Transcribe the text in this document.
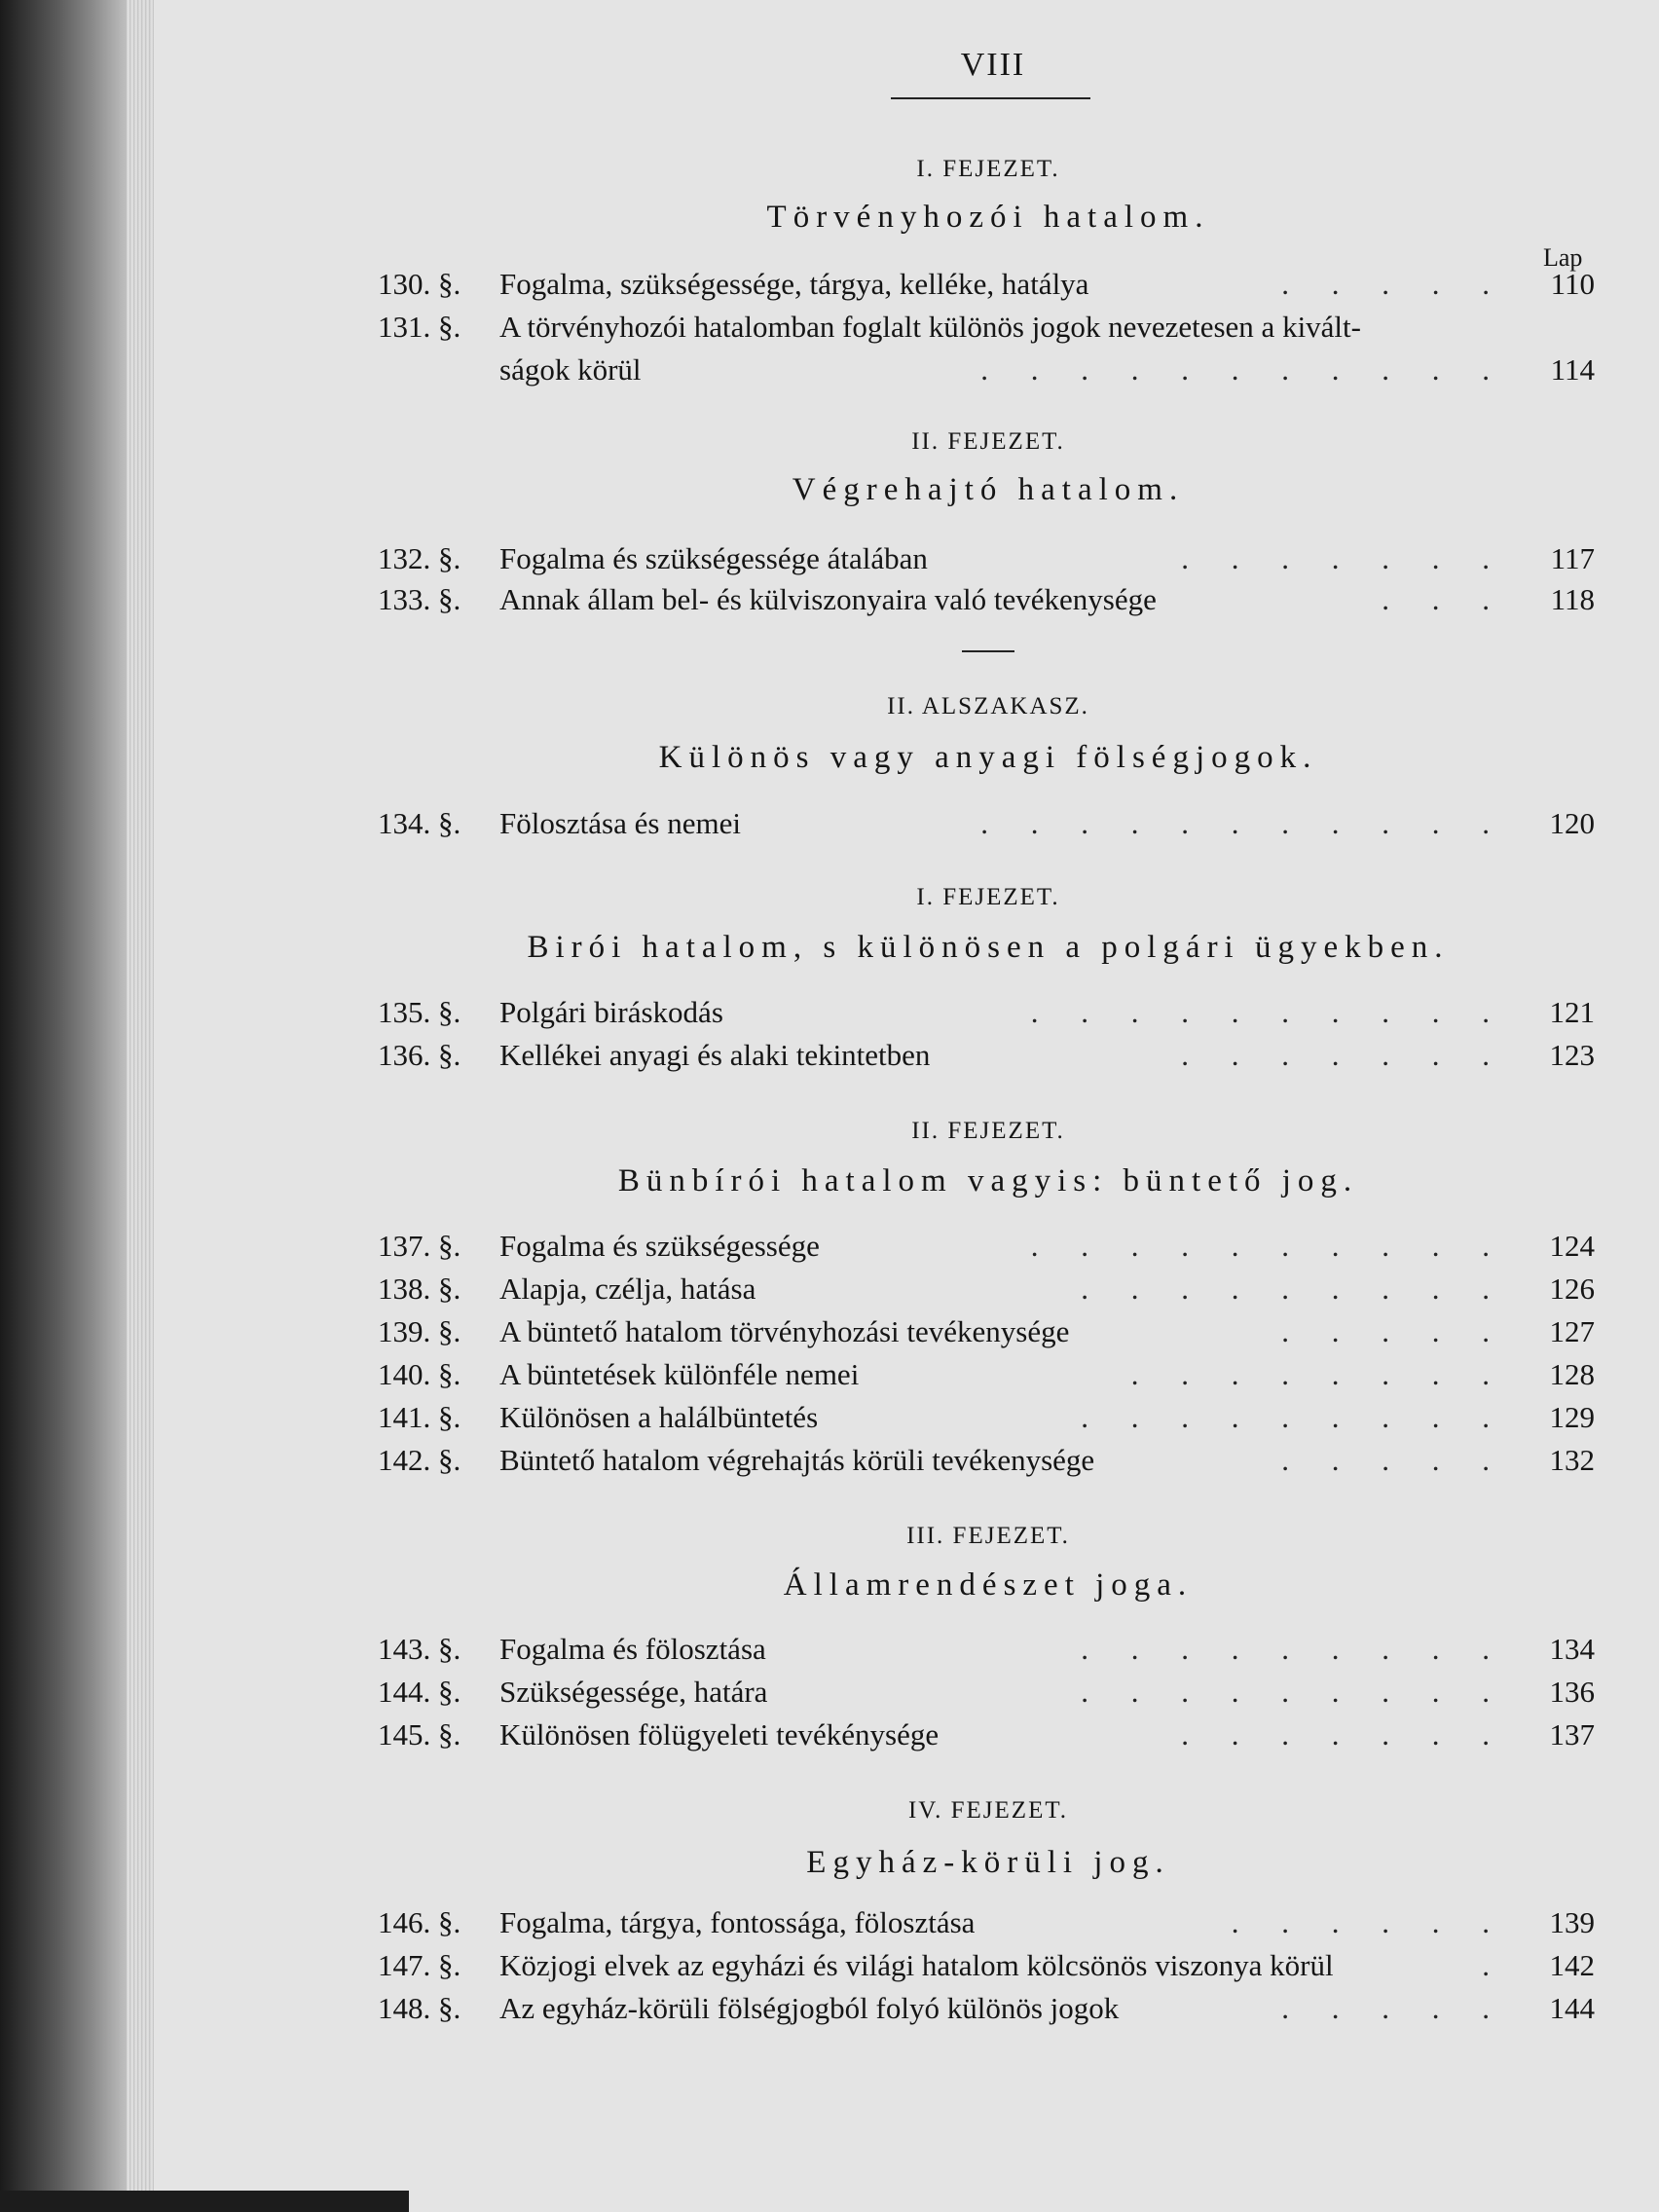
VIII
I. FEJEZET.
Törvényhozói hatalom.
Lap
130. §.	Fogalma, szükségessége, tárgya, kelléke, hatálya	. . . . .	110
131. §.	A törvényhozói hatalomban foglalt különös jogok nevezetesen a kivált-
ságok körül	. . . . . . . . . . .	114
II. FEJEZET.
Végrehajtó hatalom.
132. §.	Fogalma és szükségessége átalában	. . . . . . .	117
133. §.	Annak állam bel- és külviszonyaira való tevékenysége	. . .	118
II. ALSZAKASZ.
Különös vagy anyagi fölségjogok.
134. §.	Fölosztása és nemei	. . . . . . . . . . .	120
I. FEJEZET.
Birói hatalom, s különösen a polgári ügyekben.
135. §.	Polgári biráskodás	. . . . . . . . . .	121
136. §.	Kellékei anyagi és alaki tekintetben	. . . . . . .	123
II. FEJEZET.
Bünbírói hatalom vagyis: büntető jog.
137. §.	Fogalma és szükségessége	. . . . . . . . . .	124
138. §.	Alapja, czélja, hatása	. . . . . . . . .	126
139. §.	A büntető hatalom törvényhozási tevékenysége	. . . . .	127
140. §.	A büntetések különféle nemei	. . . . . . . .	128
141. §.	Különösen a halálbüntetés	. . . . . . . . .	129
142. §.	Büntető hatalom végrehajtás körüli tevékenysége	. . . . .	132
III. FEJEZET.
Államrendészet joga.
143. §.	Fogalma és fölosztása	. . . . . . . . .	134
144. §.	Szükségessége, határa	. . . . . . . . .	136
145. §.	Különösen fölügyeleti tevékénysége	. . . . . . .	137
IV. FEJEZET.
Egyház-körüli jog.
146. §.	Fogalma, tárgya, fontossága, fölosztása	. . . . . .	139
147. §.	Közjogi elvek az egyházi és világi hatalom kölcsönös viszonya körül	.	142
148. §.	Az egyház-körüli fölségjogból folyó különös jogok	. . . . .	144
